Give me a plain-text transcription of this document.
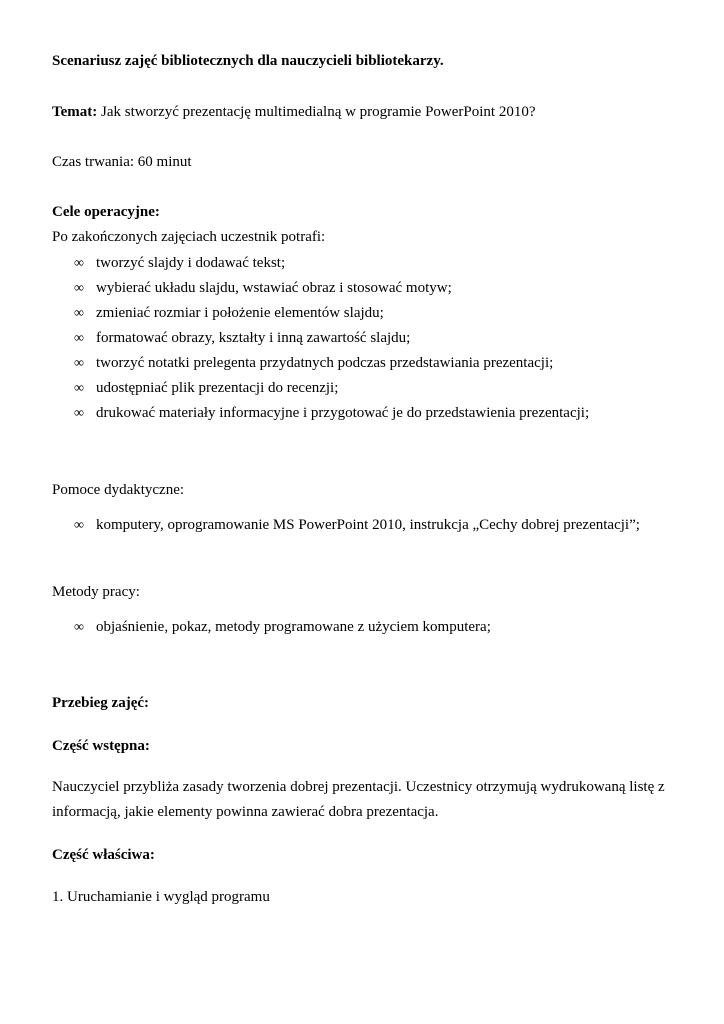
Scenariusz zajęć bibliotecznych dla nauczycieli bibliotekarzy.
Temat: Jak stworzyć prezentację multimedialną w programie PowerPoint 2010?
Czas trwania: 60 minut
Cele operacyjne:
Po zakończonych zajęciach uczestnik potrafi:
∞ tworzyć slajdy i dodawać tekst;
∞ wybierać układu slajdu, wstawiać obraz i stosować motyw;
∞ zmieniać rozmiar i położenie elementów slajdu;
∞ formatować obrazy, kształty i inną zawartość slajdu;
∞ tworzyć notatki prelegenta przydatnych podczas przedstawiania prezentacji;
∞ udostępniać plik prezentacji do recenzji;
∞ drukować materiały informacyjne i przygotować je do przedstawienia prezentacji;
Pomoce dydaktyczne:
∞ komputery, oprogramowanie MS PowerPoint 2010, instrukcja „Cechy dobrej prezentacji”;
Metody pracy:
∞ objaśnienie, pokaz, metody programowane z użyciem komputera;
Przebieg zajęć:
Część wstępna:
Nauczyciel przybliża zasady tworzenia dobrej prezentacji. Uczestnicy otrzymują wydrukowaną listę z
informacją, jakie elementy powinna zawierać dobra prezentacja.
Część właściwa:
1. Uruchamianie i wygląd programu
